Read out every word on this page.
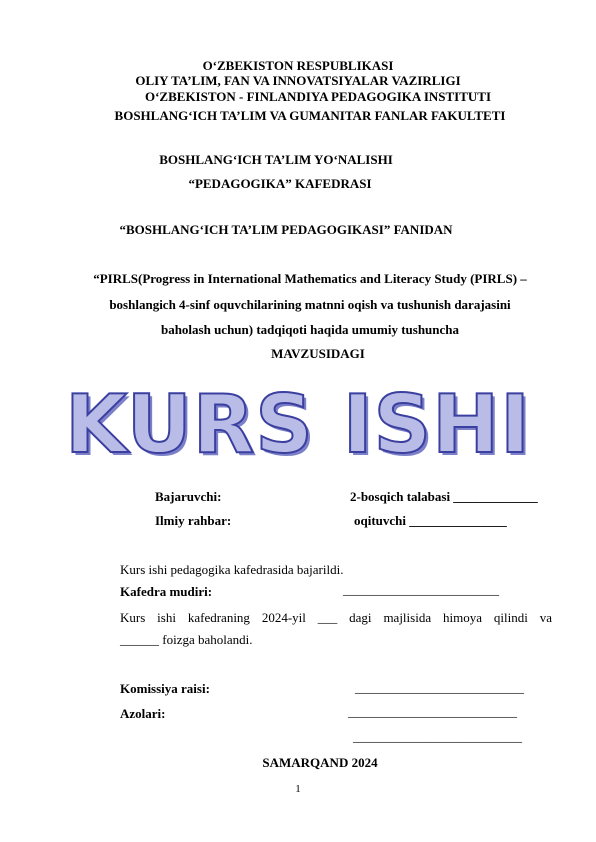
O‘ZBEKISTON RESPUBLIKASI
OLIY TA’LIM, FAN VA INNOVATSIYALAR VAZIRLIGI
O‘ZBEKISTON - FINLANDIYA PEDAGOGIKA INSTITUTI
BOSHLANG‘ICH TA’LIM VA GUMANITAR FANLAR FAKULTETI
BOSHLANG‘ICH TA’LIM YO‘NALISHI
“PEDAGOGIKA” KAFEDRASI
“BOSHLANG‘ICH TA’LIM PEDAGOGIKASI” FANIDAN
“PIRLS(Progress in International Mathematics and Literacy Study (PIRLS) –
boshlangich 4-sinf oquvchilarining matnni oqish va tushunish darajasini
baholash uchun) tadqiqoti haqida umumiy tushuncha
MAVZUSIDAGI
KURS ISHI
Bajaruvchi:	2-bosqich talabasi _____________
Ilmiy rahbar:	oqituvchi _______________
Kurs ishi pedagogika kafedrasida bajarildi.
Kafedra mudiri:	________________________
Kurs ishi kafedraning 2024-yil ___ dagi majlisida himoya qilindi va
______ foizga baholandi.
Komissiya raisi:	__________________________
Azolari:	__________________________
__________________________
SAMARQAND 2024
1
